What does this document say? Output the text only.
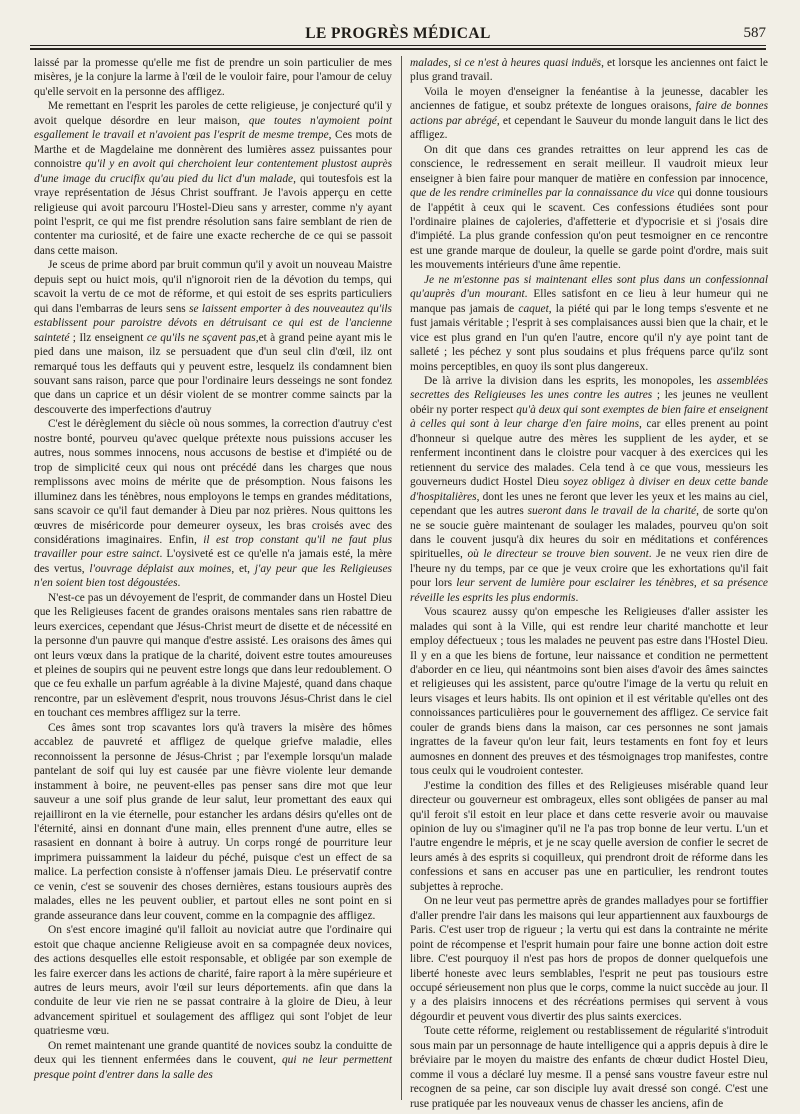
LE PROGRÈS MÉDICAL	587

laissé par la promesse qu'elle me fist de prendre un soin particulier de mes misères, je la conjure la larme à l'œil de le vouloir faire, pour l'amour de celuy qu'elle servoit en la personne des affligez.

Me remettant en l'esprit les paroles de cette religieuse, je conjecturé qu'il y avoit quelque désordre en leur maison, que toutes n'aymoient point esgallement le travail et n'avoient pas l'esprit de mesme trempe, Ces mots de Marthe et de Magdelaine me donnèrent des lumières assez puissantes pour connoistre qu'il y en avoit qui cherchoient leur contentement plustost auprès d'une image du crucifix qu'au pied du lict d'un malade, qui toutesfois est la vraye représentation de Jésus Christ souffrant. Je l'avois apperçu en cette religieuse qui avoit parcouru l'Hostel-Dieu sans y arrester, comme n'y ayant point l'esprit, ce qui me fist prendre résolution sans faire semblant de rien de contenter ma curiosité, et de faire une exacte recherche de ce qui se passoit dans cette maison.

Je sceus de prime abord par bruit commun qu'il y avoit un nouveau Maistre depuis sept ou huict mois, qu'il n'ignoroit rien de la dévotion du temps, qui scavoit la vertu de ce mot de réforme, et qui estoit de ses esprits particuliers qui dans l'embarras de leurs sens se laissent emporter à des nouveautez qu'ils establissent pour paroistre dévots en détruisant ce qui est de l'ancienne sainteté ; Ilz enseignent ce qu'ils ne sçavent pas,et à grand peine ayant mis le pied dans une maison, ilz se persuadent que d'un seul clin d'œil, ilz ont remarqué tous les deffauts qui y peuvent estre, lesquelz ils condamnent bien souvant sans raison, parce que pour l'ordinaire leurs desseings ne sont fondez que dans un caprice et un désir violent de se montrer comme saincts par la descouverte des imperfections d'autruy

C'est le dérèglement du siècle où nous sommes, la correction d'autruy c'est nostre bonté, pourveu qu'avec quelque prétexte nous puissions accuser les autres, nous sommes innocens, nous accusons de bestise et d'impiété ou de trop de simplicité ceux qui nous ont précédé dans les charges que nous remplissons avec moins de mérite que de présomption. Nous faisons les illuminez dans les ténèbres, nous employons le temps en grandes méditations, sans scavoir ce qu'il faut demander à Dieu par noz prières. Nous quittons les œuvres de miséricorde pour demeurer oyseux, les bras croisés avec des considérations imaginaires. Enfin, il est trop constant qu'il ne faut plus travailler pour estre sainct. L'oysiveté est ce qu'elle n'a jamais esté, la mère des vertus, l'ouvrage déplaist aux moines, et, j'ay peur que les Religieuses n'en soient bien tost dégoustées.

N'est-ce pas un dévoyement de l'esprit, de commander dans un Hostel Dieu que les Religieuses facent de grandes oraisons mentales sans rien rabattre de leurs exercices, cependant que Jésus-Christ meurt de disette et de nécessité en la personne d'un pauvre qui manque d'estre assisté. Les oraisons des âmes qui ont leurs vœux dans la pratique de la charité, doivent estre toutes amoureuses et pleines de soupirs qui ne peuvent estre longs que dans leur redoublement. O que ce feu exhalle un parfum agréable à la divine Majesté, quand dans chaque rencontre, par un eslèvement d'esprit, nous trouvons Jésus-Christ dans le ciel en touchant ces membres affligez sur la terre.

Ces âmes sont trop scavantes lors qu'à travers la misère des hômes accablez de pauvreté et affligez de quelque griefve maladie, elles reconnoissent la personne de Jésus-Christ ; par l'exemple lorsqu'un malade pantelant de soif qui luy est causée par une fièvre violente leur demande instamment à boire, ne peuvent-elles pas penser sans dire mot que leur sauveur a une soif plus grande de leur salut, leur promettant des eaux qui rejailliront en la vie éternelle, pour estancher les ardans désirs qu'elles ont de l'éternité, ainsi en donnant d'une main, elles prennent d'une autre, elles se rasasient en donnant à boire à autruy. Un corps rongé de pourriture leur imprimera puissamment la laideur du péché, puisque c'est un effect de sa malice. La perfection consiste à n'offenser jamais Dieu. Le préservatif contre ce venin, c'est se souvenir des choses dernières, estans tousiours auprès des malades, elles ne les peuvent oublier, et partout elles ne sont point en si grande asseurance dans leur couvent, comme en la compagnie des affligez.

On s'est encore imaginé qu'il falloit au noviciat autre que l'ordinaire qui estoit que chaque ancienne Religieuse avoit en sa compagnée deux novices, des actions desquelles elle estoit responsable, et obligée par son exemple de les faire exercer dans les actions de charité, faire raport à la mère supérieure et autres de leurs meurs, avoir l'œil sur leurs déportements. afin que dans la conduite de leur vie rien ne se passat contraire à la gloire de Dieu, à leur advancement spirituel et soulagement des affligez qui sont l'objet de leur quatriesme vœu.

On remet maintenant une grande quantité de novices soubz la conduitte de deux qui les tiennent enfermées dans le couvent, qui ne leur permettent presque point d'entrer dans la salle des

malades, si ce n'est à heures quasi induës, et lorsque les anciennes ont faict le plus grand travail.

Voila le moyen d'enseigner la fenéantise à la jeunesse, dacabler les anciennes de fatigue, et soubz prétexte de longues oraisons, faire de bonnes actions par abrégé, et cependant le Sauveur du monde languit dans le lict des affligez.

On dit que dans ces grandes retraittes on leur apprend les cas de conscience, le redressement en serait meilleur. Il vaudroit mieux leur enseigner à bien faire pour manquer de matière en confession par innocence, que de les rendre criminelles par la connaissance du vice qui donne tousiours de l'appétit à ceux qui le scavent. Ces confessions étudiées sont pour l'ordinaire plaines de cajoleries, d'affetterie et d'ypocrisie et si j'osais dire d'impiété. La plus grande confession qu'on peut tesmoigner en ce rencontre est une grande marque de douleur, la quelle se garde point d'ordre, mais suit les mouvements intérieurs d'une âme repentie.

Je ne m'estonne pas si maintenant elles sont plus dans un confessionnal qu'auprès d'un mourant. Elles satisfont en ce lieu à leur humeur qui ne manque pas jamais de caquet, la piété qui par le long temps s'esvente et ne fust jamais véritable ; l'esprit à ses complaisances aussi bien que la chair, et le vice est plus grand en l'un qu'en l'autre, encore qu'il n'y aye point tant de salleté ; les péchez y sont plus soudains et plus fréquens parce qu'ilz sont moins perceptibles, en quoy ils sont plus dangereux.

De là arrive la division dans les esprits, les monopoles, les assemblées secrettes des Religieuses les unes contre les autres ; les jeunes ne veullent obéir ny porter respect qu'à deux qui sont exemptes de bien faire et enseignent à celles qui sont à leur charge d'en faire moins, car elles prenent au point d'honneur si quelque autre des mères les supplient de les ayder, et se renferment incontinent dans le cloistre pour vacquer à des exercices qui les retiennent du service des malades. Cela tend à ce que vous, messieurs les gouverneurs dudict Hostel Dieu soyez obligez à diviser en deux cette bande d'hospitalières, dont les unes ne feront que lever les yeux et les mains au ciel, cependant que les autres sueront dans le travail de la charité, de sorte qu'on ne se soucie guère maintenant de soulager les malades, pourveu qu'on soit dans le couvent jusqu'à dix heures du soir en méditations et conférences spirituelles, où le directeur se trouve bien souvent. Je ne veux rien dire de l'heure ny du temps, par ce que je veux croire que les exhortations qu'il fait pour lors leur servent de lumière pour esclairer les ténèbres, et sa présence réveille les esprits les plus endormis.

Vous scaurez aussy qu'on empesche les Religieuses d'aller assister les malades qui sont à la Ville, qui est rendre leur charité manchotte et leur employ défectueux ; tous les malades ne peuvent pas estre dans l'Hostel Dieu. Il y en a que les biens de fortune, leur naissance et condition ne permettent d'aborder en ce lieu, qui néantmoins sont bien aises d'avoir des âmes sainctes et religieuses qui les assistent, parce qu'outre l'image de la vertu qu reluit en leurs visages et leurs habits. Ils ont opinion et il est véritable qu'elles ont des connoissances particulières pour le gouvernement des affligez. Ce service fait couler de grands biens dans la maison, car ces personnes ne sont jamais ingrattes de la faveur qu'on leur fait, leurs testaments en font foy et leurs aumosnes en donnent des preuves et des tésmoignages trop manifestes, contre tous ceulx qui le voudroient contester.

J'estime la condition des filles et des Religieuses misérable quand leur directeur ou gouverneur est ombrageux, elles sont obligées de panser au mal qu'il feroit s'il estoit en leur place et dans cette resverie avoir ou mauvaise opinion de luy ou s'imaginer qu'il ne l'a pas trop bonne de leur vertu. L'un et l'autre engendre le mépris, et je ne scay quelle aversion de confier le secret de leurs amés à des esprits si coquilleux, qui prendront droit de réforme dans les confessions et sans en accuser pas une en particulier, les rendront toutes subjettes à reproche.

On ne leur veut pas permettre après de grandes malladyes pour se fortiffier d'aller prendre l'air dans les maisons qui leur appartiennent aux fauxbourgs de Paris. C'est user trop de rigueur ; la vertu qui est dans la contrainte ne mérite point de récompense et l'esprit humain pour faire une bonne action doit estre libre. C'est pourquoy il n'est pas hors de propos de donner quelquefois une liberté honeste avec leurs semblables, l'esprit ne peut pas tousiours estre occupé sérieusement non plus que le corps, comme la nuict succède au jour. Il y a des plaisirs innocens et des récréations permises qui servent à vous dégourdir et peuvent vous divertir des plus saints exercices.

Toute cette réforme, reiglement ou restablissement de régularité s'introduit sous main par un personnage de haute intelligence qui a appris depuis à dire le bréviaire par le moyen du maistre des enfants de chœur dudict Hostel Dieu, comme il vous a déclaré luy mesme. Il a pensé sans voustre faveur estre nul recognen de sa peine, car son disciple luy avait dressé son congé. C'est une ruse pratiquée par les nouveaux venus de chasser les anciens, afin de
